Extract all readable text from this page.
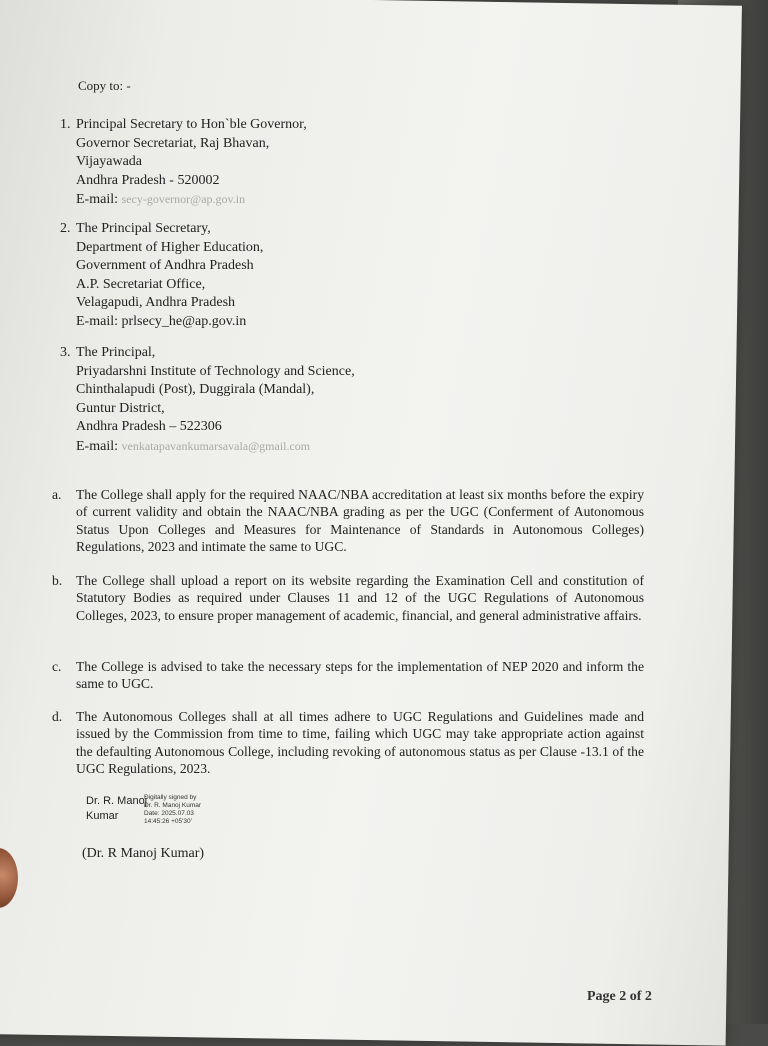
Copy to: -
1. Principal Secretary to Hon`ble Governor,
Governor Secretariat, Raj Bhavan,
Vijayawada
Andhra Pradesh - 520002
E-mail: secy-governor@ap.gov.in
2. The Principal Secretary,
Department of Higher Education,
Government of Andhra Pradesh
A.P. Secretariat Office,
Velagapudi, Andhra Pradesh
E-mail: prlsecy_he@ap.gov.in
3. The Principal,
Priyadarshni Institute of Technology and Science,
Chinthalapudi (Post), Duggirala (Mandal),
Guntur District,
Andhra Pradesh – 522306
E-mail: venkatapavankumarsavala@gmail.com
a. The College shall apply for the required NAAC/NBA accreditation at least six months before the expiry of current validity and obtain the NAAC/NBA grading as per the UGC (Conferment of Autonomous Status Upon Colleges and Measures for Maintenance of Standards in Autonomous Colleges) Regulations, 2023 and intimate the same to UGC.
b. The College shall upload a report on its website regarding the Examination Cell and constitution of Statutory Bodies as required under Clauses 11 and 12 of the UGC Regulations of Autonomous Colleges, 2023, to ensure proper management of academic, financial, and general administrative affairs.
c. The College is advised to take the necessary steps for the implementation of NEP 2020 and inform the same to UGC.
d. The Autonomous Colleges shall at all times adhere to UGC Regulations and Guidelines made and issued by the Commission from time to time, failing which UGC may take appropriate action against the defaulting Autonomous College, including revoking of autonomous status as per Clause -13.1 of the UGC Regulations, 2023.
Dr. R. Manoj
Kumar
Digitally signed by
Dr. R. Manoj Kumar
Date: 2025.07.03
14:45:26 +05'30'
(Dr. R Manoj Kumar)
Page 2 of 2
